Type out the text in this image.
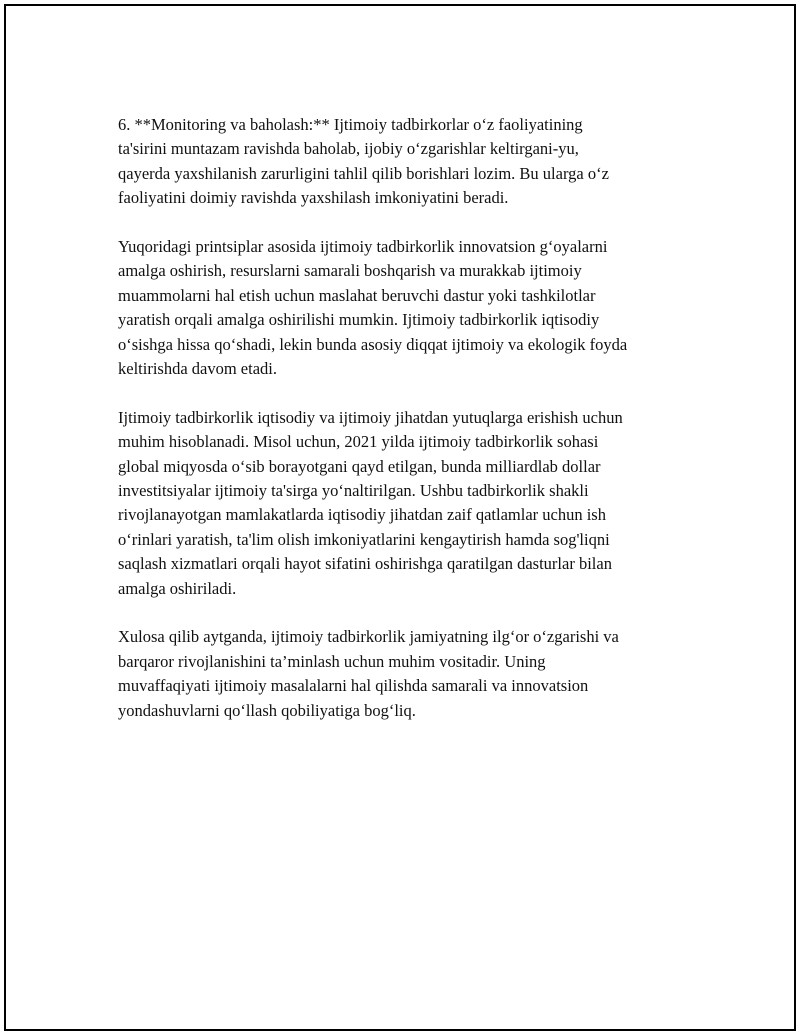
6. **Monitoring va baholash:** Ijtimoiy tadbirkorlar o‘z faoliyatining
ta'sirini muntazam ravishda baholab, ijobiy o‘zgarishlar keltirgani-yu,
qayerda yaxshilanish zarurligini tahlil qilib borishlari lozim. Bu ularga o‘z
faoliyatini doimiy ravishda yaxshilash imkoniyatini beradi.

Yuqoridagi printsiplar asosida ijtimoiy tadbirkorlik innovatsion g‘oyalarni
amalga oshirish, resurslarni samarali boshqarish va murakkab ijtimoiy
muammolarni hal etish uchun maslahat beruvchi dastur yoki tashkilotlar
yaratish orqali amalga oshirilishi mumkin. Ijtimoiy tadbirkorlik iqtisodiy
o‘sishga hissa qo‘shadi, lekin bunda asosiy diqqat ijtimoiy va ekologik foyda
keltirishda davom etadi.

Ijtimoiy tadbirkorlik iqtisodiy va ijtimoiy jihatdan yutuqlarga erishish uchun
muhim hisoblanadi. Misol uchun, 2021 yilda ijtimoiy tadbirkorlik sohasi
global miqyosda o‘sib borayotgani qayd etilgan, bunda milliardlab dollar
investitsiyalar ijtimoiy ta'sirga yo‘naltirilgan. Ushbu tadbirkorlik shakli
rivojlanayotgan mamlakatlarda iqtisodiy jihatdan zaif qatlamlar uchun ish
o‘rinlari yaratish, ta'lim olish imkoniyatlarini kengaytirish hamda sog'liqni
saqlash xizmatlari orqali hayot sifatini oshirishga qaratilgan dasturlar bilan
amalga oshiriladi.

Xulosa qilib aytganda, ijtimoiy tadbirkorlik jamiyatning ilg‘or o‘zgarishi va
barqaror rivojlanishini ta’minlash uchun muhim vositadir. Uning
muvaffaqiyati ijtimoiy masalalarni hal qilishda samarali va innovatsion
yondashuvlarni qo‘llash qobiliyatiga bog‘liq.
